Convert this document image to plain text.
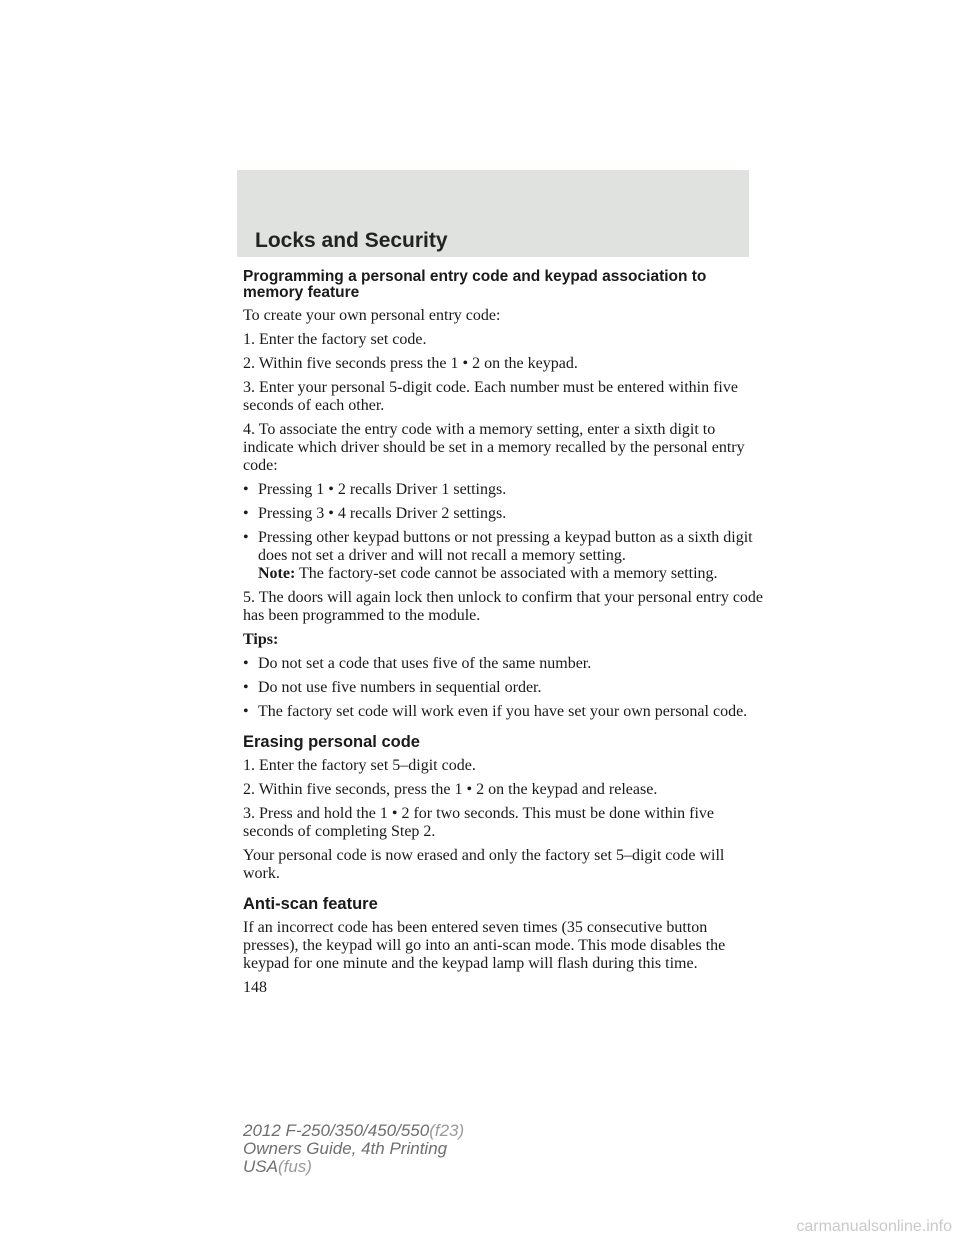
Locks and Security
Programming a personal entry code and keypad association to memory feature

To create your own personal entry code:

1. Enter the factory set code.

2. Within five seconds press the 1 • 2 on the keypad.

3. Enter your personal 5-digit code. Each number must be entered within five seconds of each other.

4. To associate the entry code with a memory setting, enter a sixth digit to indicate which driver should be set in a memory recalled by the personal entry code:

• Pressing 1 • 2 recalls Driver 1 settings.
• Pressing 3 • 4 recalls Driver 2 settings.
• Pressing other keypad buttons or not pressing a keypad button as a sixth digit does not set a driver and will not recall a memory setting.
Note: The factory-set code cannot be associated with a memory setting.

5. The doors will again lock then unlock to confirm that your personal entry code has been programmed to the module.

Tips:

• Do not set a code that uses five of the same number.
• Do not use five numbers in sequential order.
• The factory set code will work even if you have set your own personal code.
Erasing personal code

1. Enter the factory set 5–digit code.

2. Within five seconds, press the 1 • 2 on the keypad and release.

3. Press and hold the 1 • 2 for two seconds. This must be done within five seconds of completing Step 2.

Your personal code is now erased and only the factory set 5–digit code will work.

Anti-scan feature

If an incorrect code has been entered seven times (35 consecutive button presses), the keypad will go into an anti-scan mode. This mode disables the keypad for one minute and the keypad lamp will flash during this time.

148
2012 F-250/350/450/550(f23)
Owners Guide, 4th Printing
USA(fus)
carmanualsonline.info
